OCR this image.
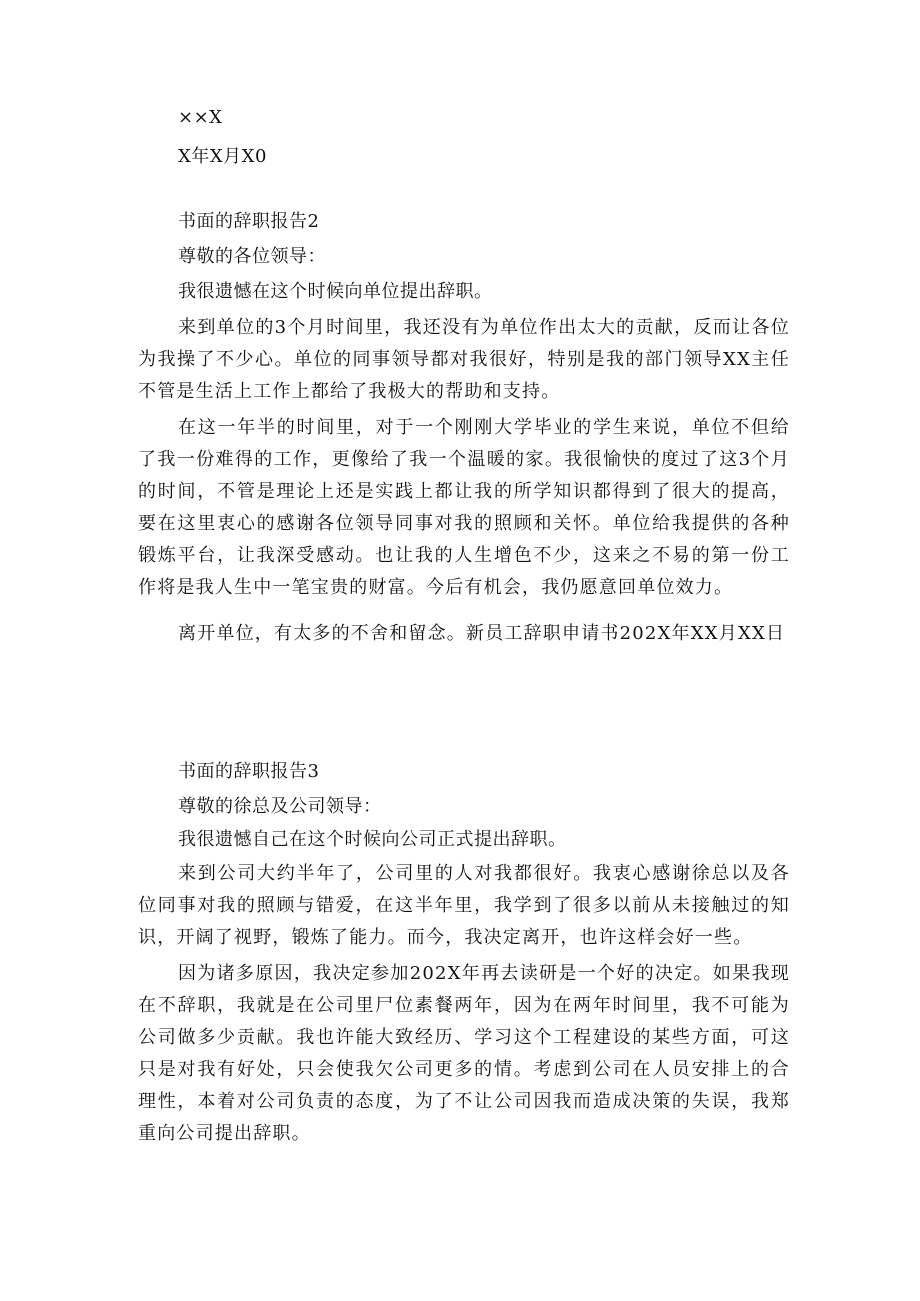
××X
X年X月X0
书面的辞职报告2
尊敬的各位领导：
我很遗憾在这个时候向单位提出辞职。

来到单位的3个月时间里，我还没有为单位作出太大的贡献，反而让各位为我操了不少心。单位的同事领导都对我很好，特别是我的部门领导XX主任不管是生活上工作上都给了我极大的帮助和支持。

在这一年半的时间里，对于一个刚刚大学毕业的学生来说，单位不但给了我一份难得的工作，更像给了我一个温暖的家。我很愉快的度过了这3个月的时间，不管是理论上还是实践上都让我的所学知识都得到了很大的提高，要在这里衷心的感谢各位领导同事对我的照顾和关怀。单位给我提供的各种锻炼平台，让我深受感动。也让我的人生增色不少，这来之不易的第一份工作将是我人生中一笔宝贵的财富。今后有机会，我仍愿意回单位效力。

离开单位，有太多的不舍和留念。新员工辞职申请书202X年XX月XX日

书面的辞职报告3
尊敬的徐总及公司领导：
我很遗憾自己在这个时候向公司正式提出辞职。

来到公司大约半年了，公司里的人对我都很好。我衷心感谢徐总以及各位同事对我的照顾与错爱，在这半年里，我学到了很多以前从未接触过的知识，开阔了视野，锻炼了能力。而今，我决定离开，也许这样会好一些。

因为诸多原因，我决定参加202X年再去读研是一个好的决定。如果我现在不辞职，我就是在公司里尸位素餐两年，因为在两年时间里，我不可能为公司做多少贡献。我也许能大致经历、学习这个工程建设的某些方面，可这只是对我有好处，只会使我欠公司更多的情。考虑到公司在人员安排上的合理性，本着对公司负责的态度，为了不让公司因我而造成决策的失误，我郑重向公司提出辞职。
